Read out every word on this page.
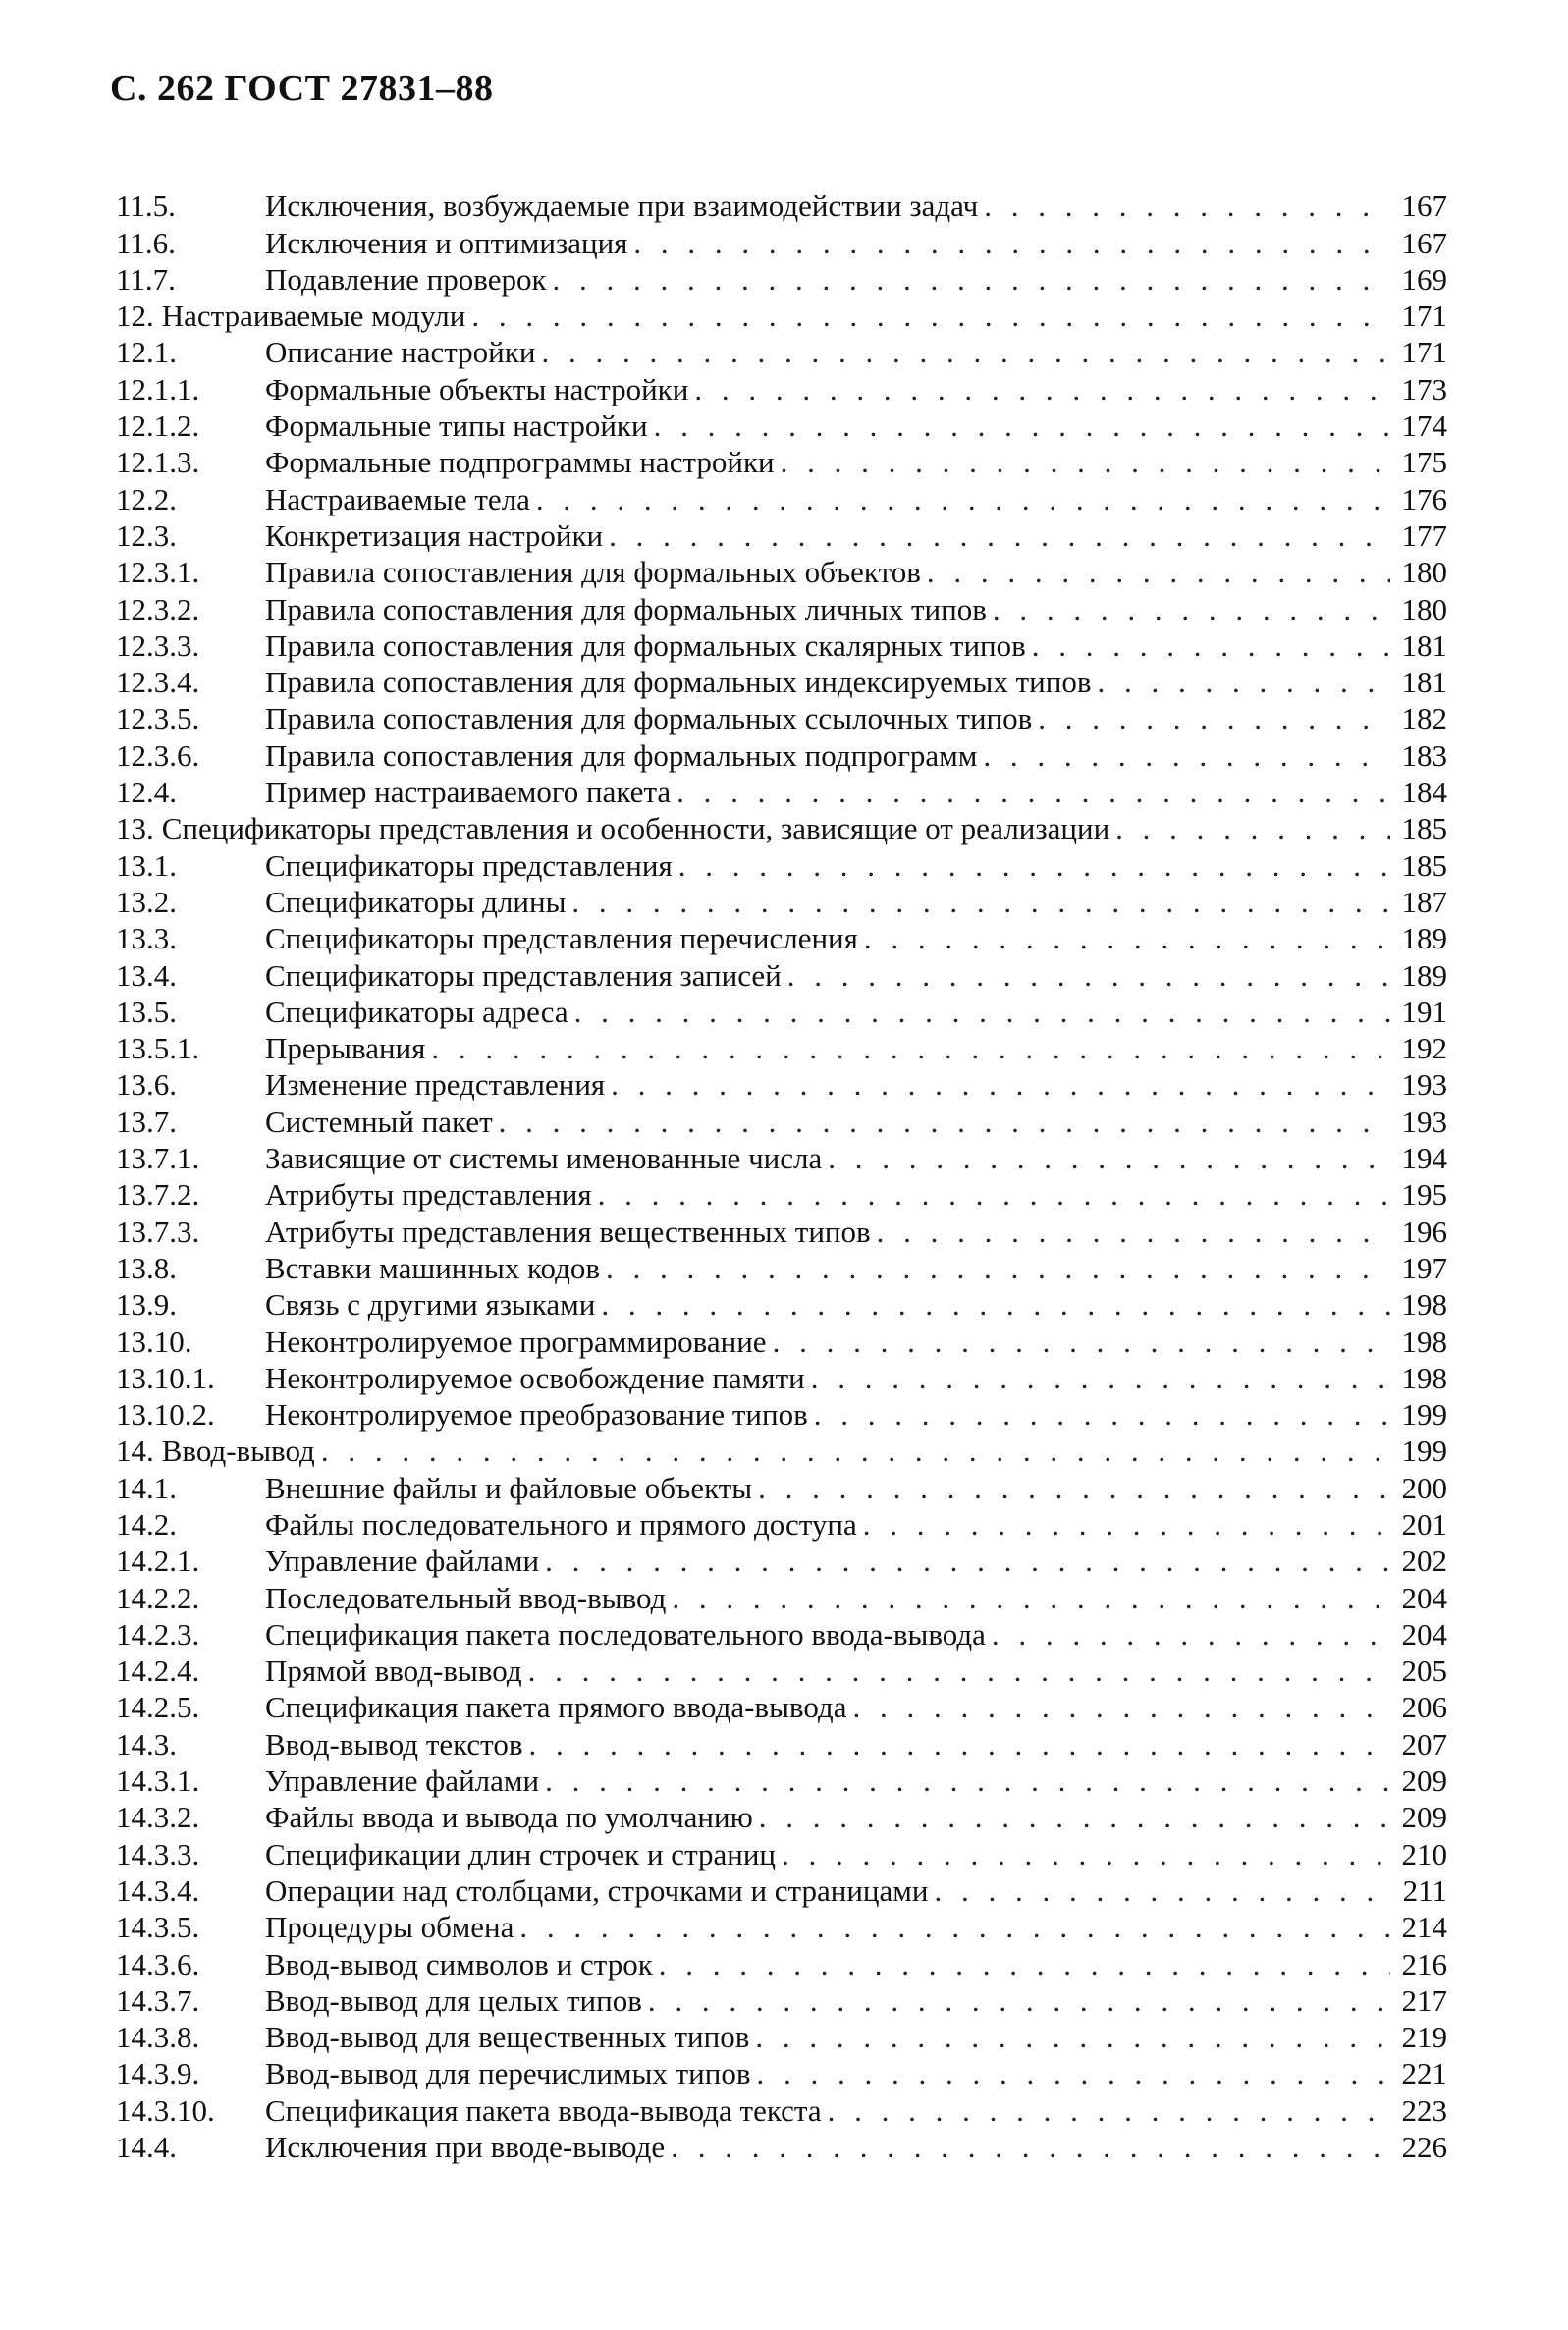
С. 262 ГОСТ 27831–88
11.5.	Исключения, возбуждаемые при взаимодействии задач . . .	167
11.6.	Исключения и оптимизация . . .	167
11.7.	Подавление проверок . . .	169
12. Настраиваемые модули . . .	171
12.1.	Описание настройки . . .	171
12.1.1.	Формальные объекты настройки . . .	173
12.1.2.	Формальные типы настройки . . .	174
12.1.3.	Формальные подпрограммы настройки . . .	175
12.2.	Настраиваемые тела . . .	176
12.3.	Конкретизация настройки . . .	177
12.3.1.	Правила сопоставления для формальных объектов . . .	180
12.3.2.	Правила сопоставления для формальных личных типов . . .	180
12.3.3.	Правила сопоставления для формальных скалярных типов . . .	181
12.3.4.	Правила сопоставления для формальных индексируемых типов . . .	181
12.3.5.	Правила сопоставления для формальных ссылочных типов . . .	182
12.3.6.	Правила сопоставления для формальных подпрограмм . . .	183
12.4.	Пример настраиваемого пакета . . .	184
13. Спецификаторы представления и особенности, зависящие от реализации . . .	185
13.1.	Спецификаторы представления . . .	185
13.2.	Спецификаторы длины . . .	187
13.3.	Спецификаторы представления перечисления . . .	189
13.4.	Спецификаторы представления записей . . .	189
13.5.	Спецификаторы адреса . . .	191
13.5.1.	Прерывания . . .	192
13.6.	Изменение представления . . .	193
13.7.	Системный пакет . . .	193
13.7.1.	Зависящие от системы именованные числа . . .	194
13.7.2.	Атрибуты представления . . .	195
13.7.3.	Атрибуты представления вещественных типов . . .	196
13.8.	Вставки машинных кодов . . .	197
13.9.	Связь с другими языками . . .	198
13.10.	Неконтролируемое программирование . . .	198
13.10.1.	Неконтролируемое освобождение памяти . . .	198
13.10.2.	Неконтролируемое преобразование типов . . .	199
14. Ввод-вывод . . .	199
14.1.	Внешние файлы и файловые объекты . . .	200
14.2.	Файлы последовательного и прямого доступа . . .	201
14.2.1.	Управление файлами . . .	202
14.2.2.	Последовательный ввод-вывод . . .	204
14.2.3.	Спецификация пакета последовательного ввода-вывода . . .	204
14.2.4.	Прямой ввод-вывод . . .	205
14.2.5.	Спецификация пакета прямого ввода-вывода . . .	206
14.3.	Ввод-вывод текстов . . .	207
14.3.1.	Управление файлами . . .	209
14.3.2.	Файлы ввода и вывода по умолчанию . . .	209
14.3.3.	Спецификации длин строчек и страниц . . .	210
14.3.4.	Операции над столбцами, строчками и страницами . . .	211
14.3.5.	Процедуры обмена . . .	214
14.3.6.	Ввод-вывод символов и строк . . .	216
14.3.7.	Ввод-вывод для целых типов . . .	217
14.3.8.	Ввод-вывод для вещественных типов . . .	219
14.3.9.	Ввод-вывод для перечислимых типов . . .	221
14.3.10.	Спецификация пакета ввода-вывода текста . . .	223
14.4.	Исключения при вводе-выводе . . .	226
